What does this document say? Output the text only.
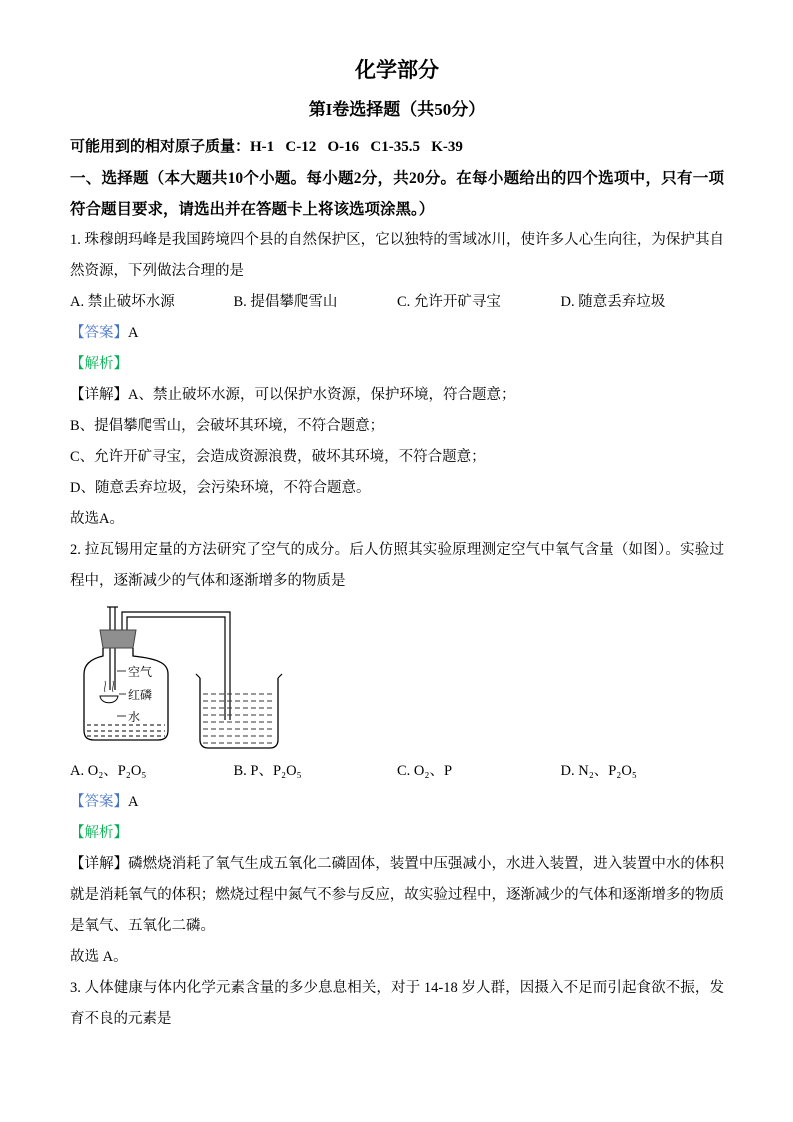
化学部分
第I卷选择题（共50分）

可能用到的相对原子质量：H-1   C-12   O-16   C1-35.5   K-39

一、选择题（本大题共10个小题。每小题2分，共20分。在每小题给出的四个选项中，只有一项符合题目要求，请选出并在答题卡上将该选项涂黑。）

1. 珠穆朗玛峰是我国跨境四个县的自然保护区，它以独特的雪域冰川，使许多人心生向往，为保护其自然资源，下列做法合理的是

A. 禁止破坏水源	B. 提倡攀爬雪山	C. 允许开矿寻宝	D. 随意丢弃垃圾

【答案】A

【解析】

【详解】A、禁止破坏水源，可以保护水资源，保护环境，符合题意；

B、提倡攀爬雪山，会破坏其环境，不符合题意；

C、允许开矿寻宝，会造成资源浪费，破坏其环境，不符合题意；

D、随意丢弃垃圾，会污染环境，不符合题意。

故选A。

2. 拉瓦锡用定量的方法研究了空气的成分。后人仿照其实验原理测定空气中氧气含量（如图）。实验过程中，逐渐减少的气体和逐渐增多的物质是

空气
红磷
水
A. O₂、P₂O₅	B. P、P₂O₅	C. O₂、P	D. N₂、P₂O₅

【答案】A

【解析】

【详解】磷燃烧消耗了氧气生成五氧化二磷固体，装置中压强减小，水进入装置，进入装置中水的体积就是消耗氧气的体积；燃烧过程中氮气不参与反应，故实验过程中，逐渐减少的气体和逐渐增多的物质是氧气、五氧化二磷。

故选 A。

3. 人体健康与体内化学元素含量的多少息息相关，对于 14-18 岁人群，因摄入不足而引起食欲不振，发育不良的元素是
